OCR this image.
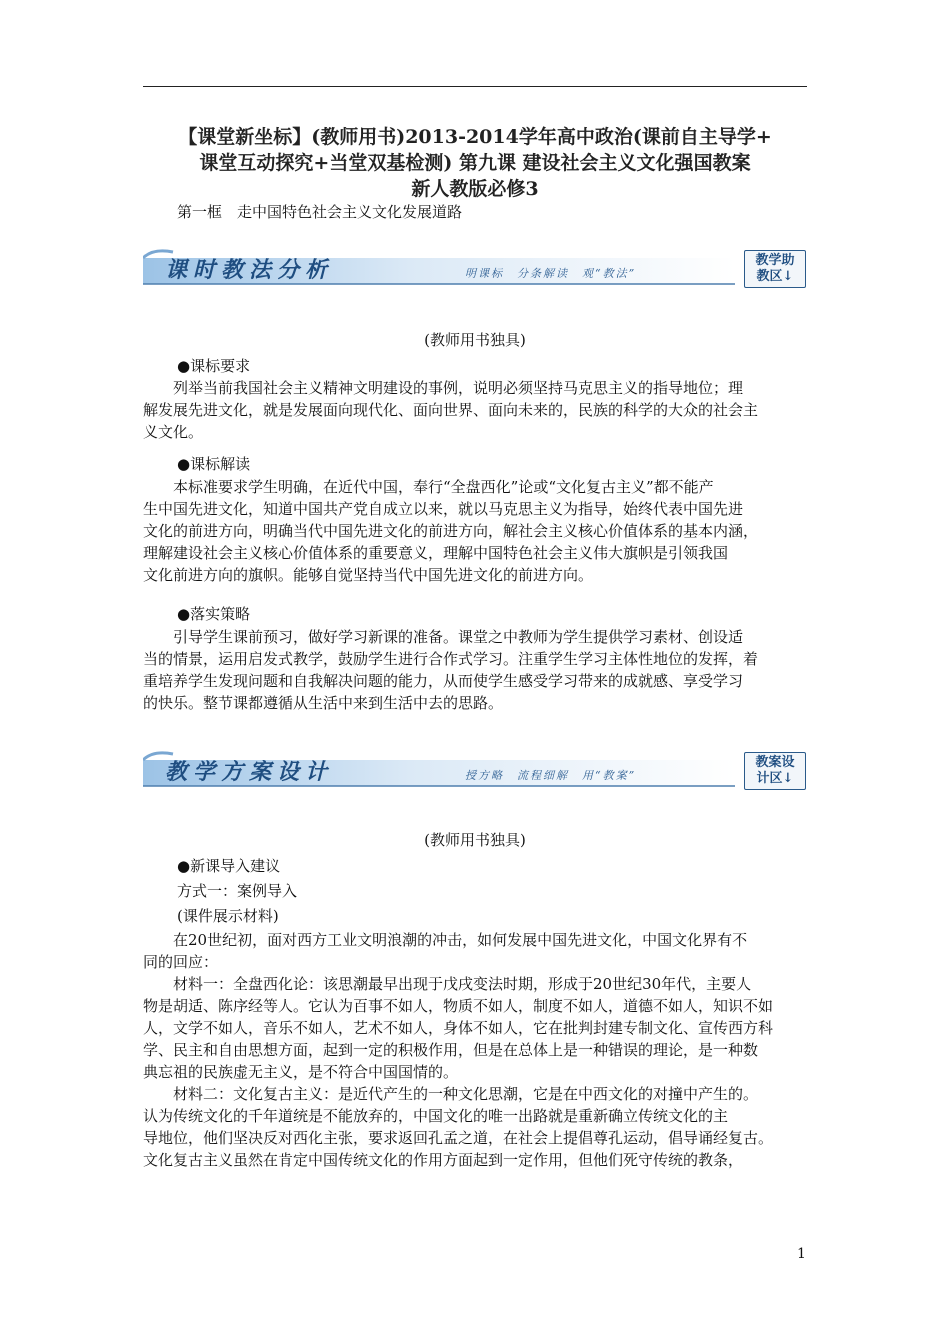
【课堂新坐标】(教师用书)2013-2014学年高中政治(课前自主导学+
课堂互动探究+当堂双基检测) 第九课 建设社会主义文化强国教案
新人教版必修3
第一框　走中国特色社会主义文化发展道路
课时教法分析	明课标　分条解读　观“教法”
教学助
教区↓
(教师用书独具)
●课标要求
　　列举当前我国社会主义精神文明建设的事例，说明必须坚持马克思主义的指导地位；理
解发展先进文化，就是发展面向现代化、面向世界、面向未来的，民族的科学的大众的社会主
义文化。
●课标解读
　　本标准要求学生明确，在近代中国，奉行“全盘西化”论或“文化复古主义”都不能产
生中国先进文化，知道中国共产党自成立以来，就以马克思主义为指导，始终代表中国先进
文化的前进方向，明确当代中国先进文化的前进方向，解社会主义核心价值体系的基本内涵，
理解建设社会主义核心价值体系的重要意义，理解中国特色社会主义伟大旗帜是引领我国
文化前进方向的旗帜。能够自觉坚持当代中国先进文化的前进方向。
●落实策略
　　引导学生课前预习，做好学习新课的准备。课堂之中教师为学生提供学习素材、创设适
当的情景，运用启发式教学，鼓励学生进行合作式学习。注重学生学习主体性地位的发挥，着
重培养学生发现问题和自我解决问题的能力，从而使学生感受学习带来的成就感、享受学习
的快乐。整节课都遵循从生活中来到生活中去的思路。
教学方案设计	授方略　流程细解　用“教案”
教案设
计区↓
(教师用书独具)
●新课导入建议
方式一：案例导入
(课件展示材料)
　　在20世纪初，面对西方工业文明浪潮的冲击，如何发展中国先进文化，中国文化界有不
同的回应：
　　材料一：全盘西化论：该思潮最早出现于戊戌变法时期，形成于20世纪30年代，主要人
物是胡适、陈序经等人。它认为百事不如人，物质不如人，制度不如人，道德不如人，知识不如
人，文学不如人，音乐不如人，艺术不如人，身体不如人，它在批判封建专制文化、宣传西方科
学、民主和自由思想方面，起到一定的积极作用，但是在总体上是一种错误的理论，是一种数
典忘祖的民族虚无主义，是不符合中国国情的。
　　材料二：文化复古主义：是近代产生的一种文化思潮，它是在中西文化的对撞中产生的。
认为传统文化的千年道统是不能放弃的，中国文化的唯一出路就是重新确立传统文化的主
导地位，他们坚决反对西化主张，要求返回孔孟之道，在社会上提倡尊孔运动，倡导诵经复古。
文化复古主义虽然在肯定中国传统文化的作用方面起到一定作用，但他们死守传统的教条，
1
